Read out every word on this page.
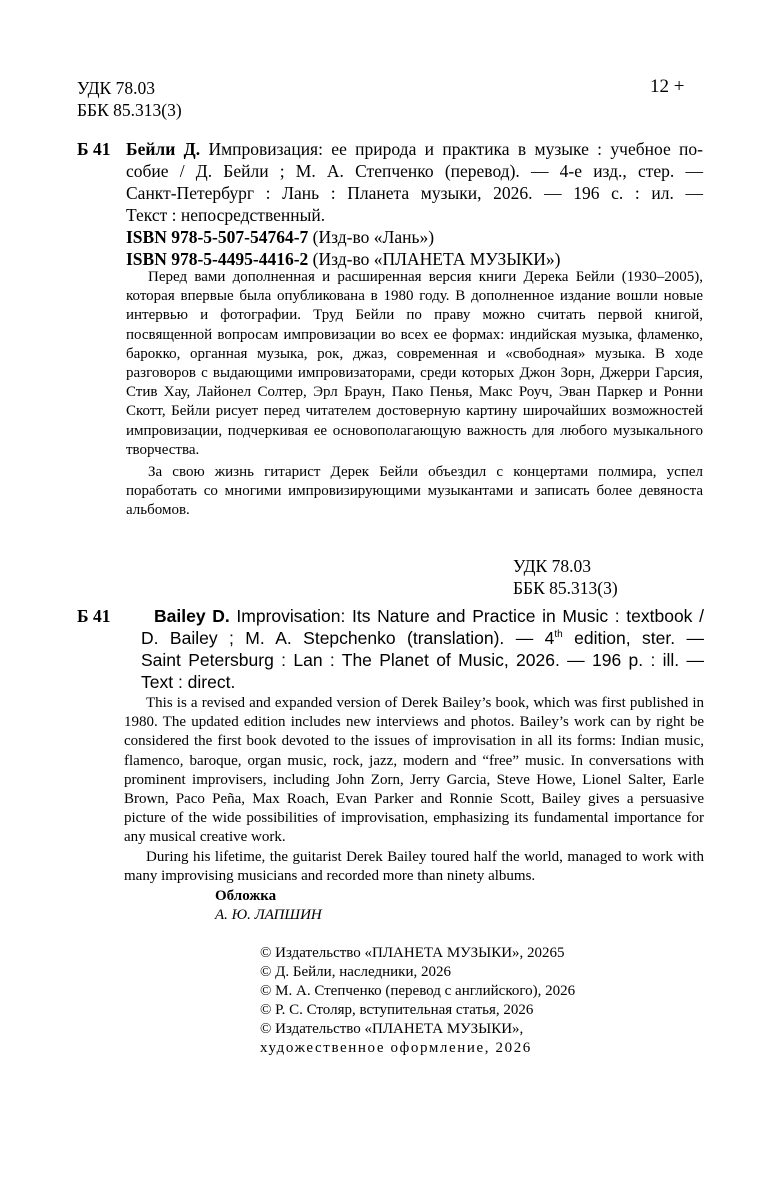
УДК 78.03
ББК 85.313(3)
12 +
Б 41 Бейли Д. Импровизация: ее природа и практика в музыке : учебное по-
собие / Д. Бейли ; М. А. Степченко (перевод). — 4-е изд., стер. —
Санкт-Петербург : Лань : Планета музыки, 2026. — 196 с. : ил. —
Текст : непосредственный.
ISBN 978-5-507-54764-7 (Изд-во «Лань»)
ISBN 978-5-4495-4416-2 (Изд-во «ПЛАНЕТА МУЗЫКИ»)

Перед вами дополненная и расширенная версия книги Дерека Бейли (1930–2005), которая впервые была опубликована в 1980 году. В дополненное издание вошли новые интервью и фотографии. Труд Бейли по праву можно считать первой книгой, посвященной вопросам импровизации во всех ее формах: индийская музыка, фламенко, барокко, органная музыка, рок, джаз, современная и «свободная» музыка. В ходе разговоров с выдающими импровизаторами, среди которых Джон Зорн, Джерри Гарсия, Стив Хау, Лайонел Солтер, Эрл Браун, Пако Пенья, Макс Роуч, Эван Паркер и Ронни Скотт, Бейли рисует перед читателем достоверную картину широчайших возможностей импровизации, подчеркивая ее основополагающую важность для любого музыкального творчества.

За свою жизнь гитарист Дерек Бейли объездил с концертами полмира, успел поработать со многими импровизирующими музыкантами и записать более девяноста альбомов.

УДК 78.03
ББК 85.313(3)
Б 41	Bailey D. Improvisation: Its Nature and Practice in Music : textbook /
D. Bailey ; M. A. Stepchenko (translation). — 4th edition, ster. —
Saint Petersburg : Lan : The Planet of Music, 2026. — 196 p. : ill. —
Text : direct.

This is a revised and expanded version of Derek Bailey’s book, which was first published in 1980. The updated edition includes new interviews and photos. Bailey’s work can by right be considered the first book devoted to the issues of improvisation in all its forms: Indian music, flamenco, baroque, organ music, rock, jazz, modern and “free” music. In conversations with prominent improvisers, including John Zorn, Jerry Garcia, Steve Howe, Lionel Salter, Earle Brown, Paco Peña, Max Roach, Evan Parker and Ronnie Scott, Bailey gives a persuasive picture of the wide possibilities of improvisation, emphasizing its fundamental importance for any musical creative work.

During his lifetime, the guitarist Derek Bailey toured half the world, managed to work with many improvising musicians and recorded more than ninety albums.

Обложка
А. Ю. ЛАПШИН
© Издательство «ПЛАНЕТА МУЗЫКИ», 20265
© Д. Бейли, наследники, 2026
© М. А. Степченко (перевод с английского), 2026
© Р. С. Столяр, вступительная статья, 2026
© Издательство «ПЛАНЕТА МУЗЫКИ»,
художественное оформление, 2026
